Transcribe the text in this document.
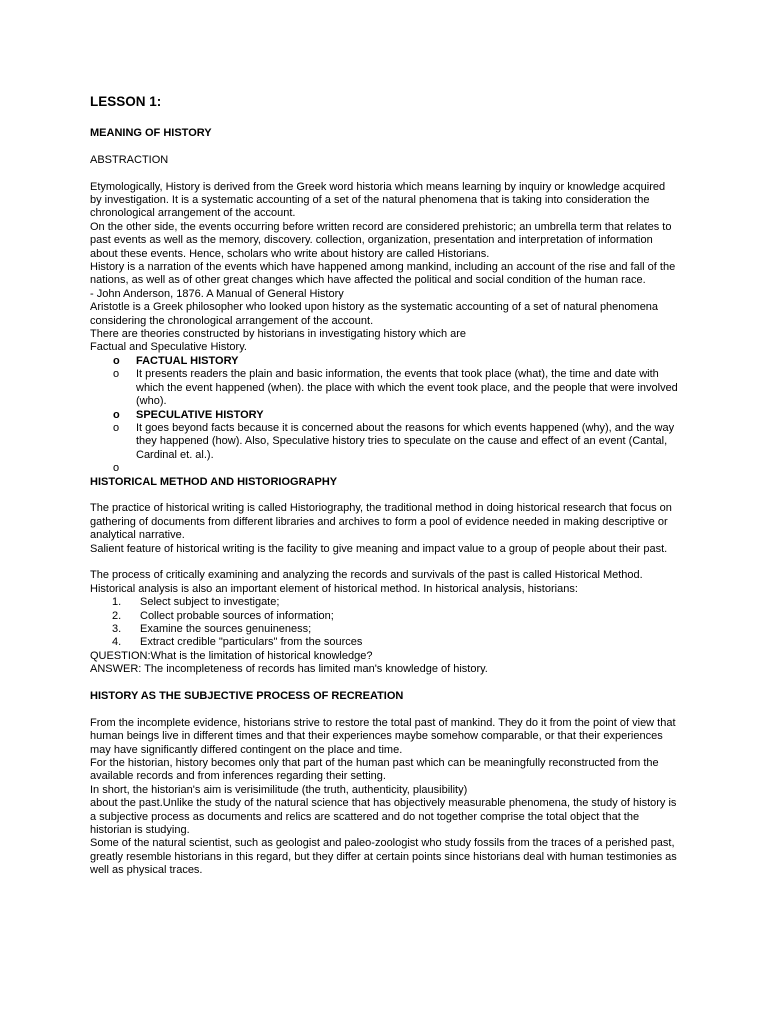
LESSON 1:

MEANING OF HISTORY

ABSTRACTION

Etymologically, History is derived from the Greek word historia which means learning by inquiry or knowledge acquired by investigation. It is a systematic accounting of a set of the natural phenomena that is taking into consideration the chronological arrangement of the account.

On the other side, the events occurring before written record are considered prehistoric; an umbrella term that relates to past events as well as the memory, discovery. collection, organization, presentation and interpretation of information about these events. Hence, scholars who write about history are called Historians.

History is a narration of the events which have happened among mankind, including an account of the rise and fall of the nations, as well as of other great changes which have affected the political and social condition of the human race.

- John Anderson, 1876. A Manual of General History

Aristotle is a Greek philosopher who looked upon history as the systematic accounting of a set of natural phenomena considering the chronological arrangement of the account.

There are theories constructed by historians in investigating history which are

Factual and Speculative History.

o FACTUAL HISTORY
o It presents readers the plain and basic information, the events that took place (what), the time and date with which the event happened (when). the place with which the event took place, and the people that were involved (who).
o SPECULATIVE HISTORY
o It goes beyond facts because it is concerned about the reasons for which events happened (why), and the way they happened (how). Also, Speculative history tries to speculate on the cause and effect of an event (Cantal, Cardinal et. al.).
o

HISTORICAL METHOD AND HISTORIOGRAPHY

The practice of historical writing is called Historiography, the traditional method in doing historical research that focus on gathering of documents from different libraries and archives to form a pool of evidence needed in making descriptive or analytical narrative.

Salient feature of historical writing is the facility to give meaning and impact value to a group of people about their past.

The process of critically examining and analyzing the records and survivals of the past is called Historical Method. Historical analysis is also an important element of historical method. In historical analysis, historians:

1. Select subject to investigate;
2. Collect probable sources of information;
3. Examine the sources genuineness;
4. Extract credible "particulars" from the sources

QUESTION:What is the limitation of historical knowledge?

ANSWER: The incompleteness of records has limited man's knowledge of history.

HISTORY AS THE SUBJECTIVE PROCESS OF RECREATION

From the incomplete evidence, historians strive to restore the total past of mankind. They do it from the point of view that human beings live in different times and that their experiences maybe somehow comparable, or that their experiences may have significantly differed contingent on the place and time.

For the historian, history becomes only that part of the human past which can be meaningfully reconstructed from the available records and from inferences regarding their setting.

In short, the historian's aim is verisimilitude (the truth, authenticity, plausibility)

about the past.Unlike the study of the natural science that has objectively measurable phenomena, the study of history is a subjective process as documents and relics are scattered and do not together comprise the total object that the historian is studying.

Some of the natural scientist, such as geologist and paleo-zoologist who study fossils from the traces of a perished past, greatly resemble historians in this regard, but they differ at certain points since historians deal with human testimonies as well as physical traces.
